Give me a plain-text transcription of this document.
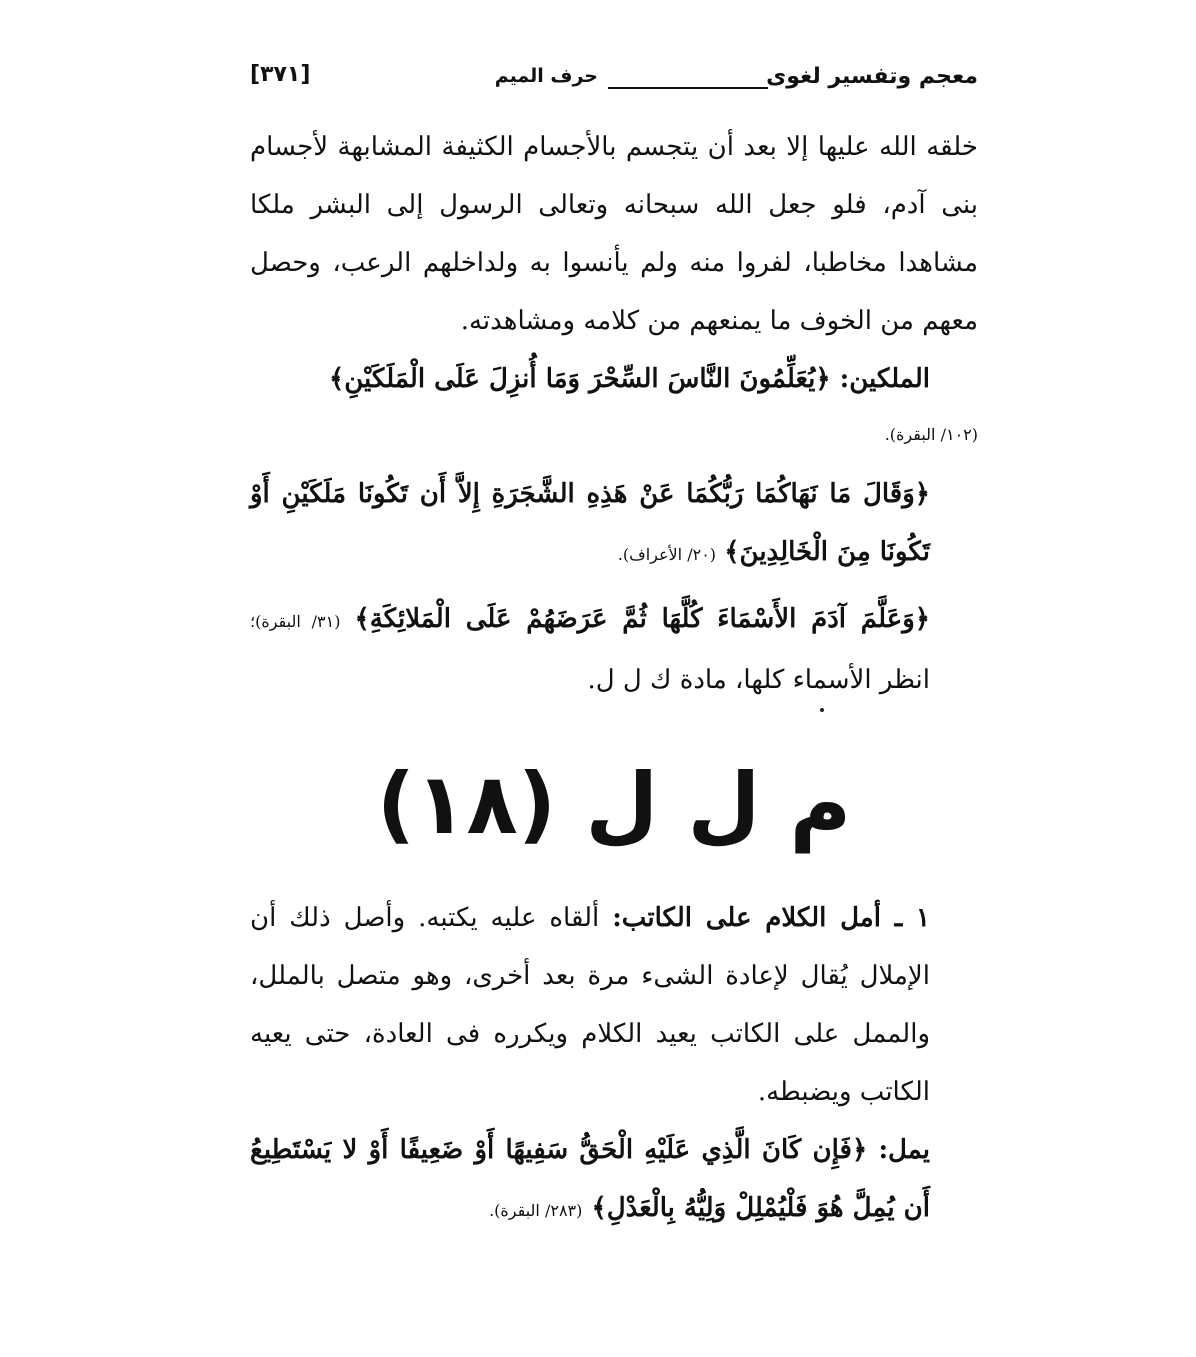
معجم وتفسير لغوى
حرف الميم
[٣٧١]

خلقه الله عليها إلا بعد أن يتجسم بالأجسام الكثيفة المشابهة لأجسام بنى آدم، فلو جعل الله سبحانه وتعالى الرسول إلى البشر ملكا مشاهدا مخاطبا، لفروا منه ولم يأنسوا به ولداخلهم الرعب، وحصل معهم من الخوف ما يمنعهم من كلامه ومشاهدته.

الملكين: ﴿يُعَلِّمُونَ النَّاسَ السِّحْرَ وَمَا أُنزِلَ عَلَى الْمَلَكَيْنِ﴾

(١٠٢/ البقرة).

﴿وَقَالَ مَا نَهَاكُمَا رَبُّكُمَا عَنْ هَذِهِ الشَّجَرَةِ إِلاَّ أَن تَكُونَا مَلَكَيْنِ أَوْ تَكُونَا مِنَ الْخَالِدِينَ﴾ (٢٠/ الأعراف).

﴿وَعَلَّمَ آدَمَ الأَسْمَاءَ كُلَّهَا ثُمَّ عَرَضَهُمْ عَلَى الْمَلائِكَةِ﴾ (٣١/ البقرة)؛ انظر الأسماء كلها، مادة ك ل ل.

م ل ل (١٨)

١ ـ أمل الكلام على الكاتب: ألقاه عليه يكتبه. وأصل ذلك أن الإملال يُقال لإعادة الشىء مرة بعد أخرى، وهو متصل بالملل، والممل على الكاتب يعيد الكلام ويكرره فى العادة، حتى يعيه الكاتب ويضبطه.

يمل: ﴿فَإِن كَانَ الَّذِي عَلَيْهِ الْحَقُّ سَفِيهًا أَوْ ضَعِيفًا أَوْ لا يَسْتَطِيعُ أَن يُمِلَّ هُوَ فَلْيُمْلِلْ وَلِيُّهُ بِالْعَدْلِ﴾ (٢٨٣/ البقرة).
